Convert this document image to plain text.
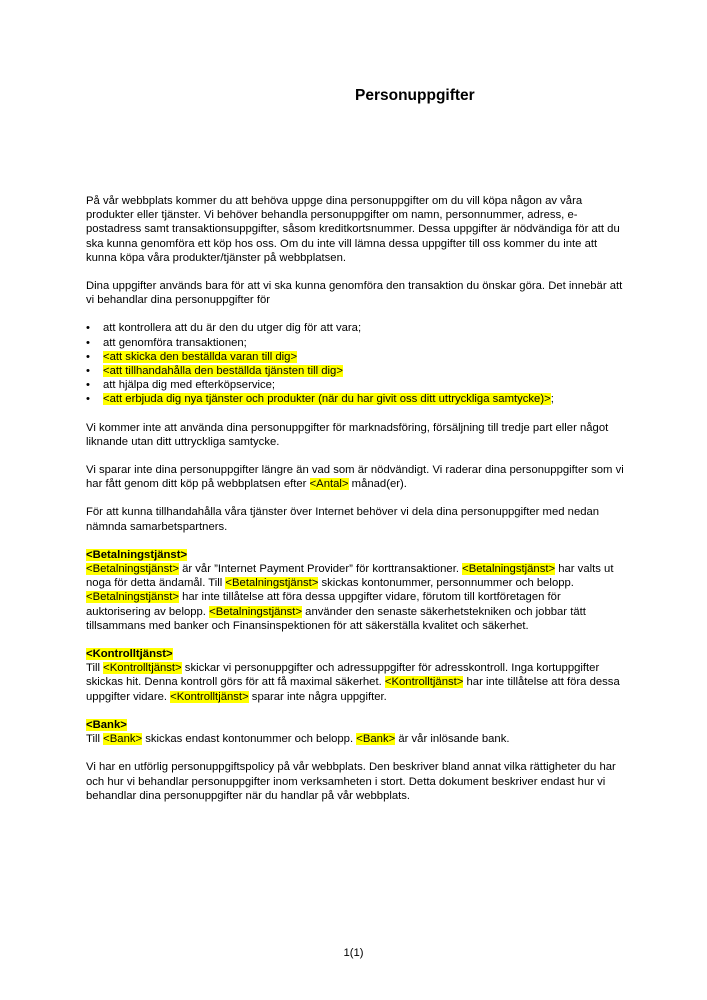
Personuppgifter

På vår webbplats kommer du att behöva uppge dina personuppgifter om du vill köpa någon av våra produkter eller tjänster. Vi behöver behandla personuppgifter om namn, personnummer, adress, e-postadress samt transaktionsuppgifter, såsom kreditkortsnummer. Dessa uppgifter är nödvändiga för att du ska kunna genomföra ett köp hos oss. Om du inte vill lämna dessa uppgifter till oss kommer du inte att kunna köpa våra produkter/tjänster på webbplatsen.

Dina uppgifter används bara för att vi ska kunna genomföra den transaktion du önskar göra. Det innebär att vi behandlar dina personuppgifter för

•	att kontrollera att du är den du utger dig för att vara;
•	att genomföra transaktionen;
•	<att skicka den beställda varan till dig>
•	<att tillhandahålla den beställda tjänsten till dig>
•	att hjälpa dig med efterköpservice;
•	<att erbjuda dig nya tjänster och produkter (när du har givit oss ditt uttryckliga samtycke)>;

Vi kommer inte att använda dina personuppgifter för marknadsföring, försäljning till tredje part eller något liknande utan ditt uttryckliga samtycke.

Vi sparar inte dina personuppgifter längre än vad som är nödvändigt. Vi raderar dina personuppgifter som vi har fått genom ditt köp på webbplatsen efter <Antal> månad(er).

För att kunna tillhandahålla våra tjänster över Internet behöver vi dela dina personuppgifter med nedan nämnda samarbetspartners.

<Betalningstjänst>

<Betalningstjänst> är vår ”Internet Payment Provider” för korttransaktioner. <Betalningstjänst> har valts ut noga för detta ändamål. Till <Betalningstjänst> skickas kontonummer, personnummer och belopp. <Betalningstjänst> har inte tillåtelse att föra dessa uppgifter vidare, förutom till kortföretagen för auktorisering av belopp. <Betalningstjänst> använder den senaste säkerhetstekniken och jobbar tätt tillsammans med banker och Finansinspektionen för att säkerställa kvalitet och säkerhet.

<Kontrolltjänst>

Till <Kontrolltjänst> skickar vi personuppgifter och adressuppgifter för adresskontroll. Inga kortuppgifter skickas hit. Denna kontroll görs för att få maximal säkerhet. <Kontrolltjänst> har inte tillåtelse att föra dessa uppgifter vidare. <Kontrolltjänst> sparar inte några uppgifter.

<Bank>

Till <Bank> skickas endast kontonummer och belopp. <Bank> är vår inlösande bank.

Vi har en utförlig personuppgiftspolicy på vår webbplats. Den beskriver bland annat vilka rättigheter du har och hur vi behandlar personuppgifter inom verksamheten i stort. Detta dokument beskriver endast hur vi behandlar dina personuppgifter när du handlar på vår webbplats.

1(1)
